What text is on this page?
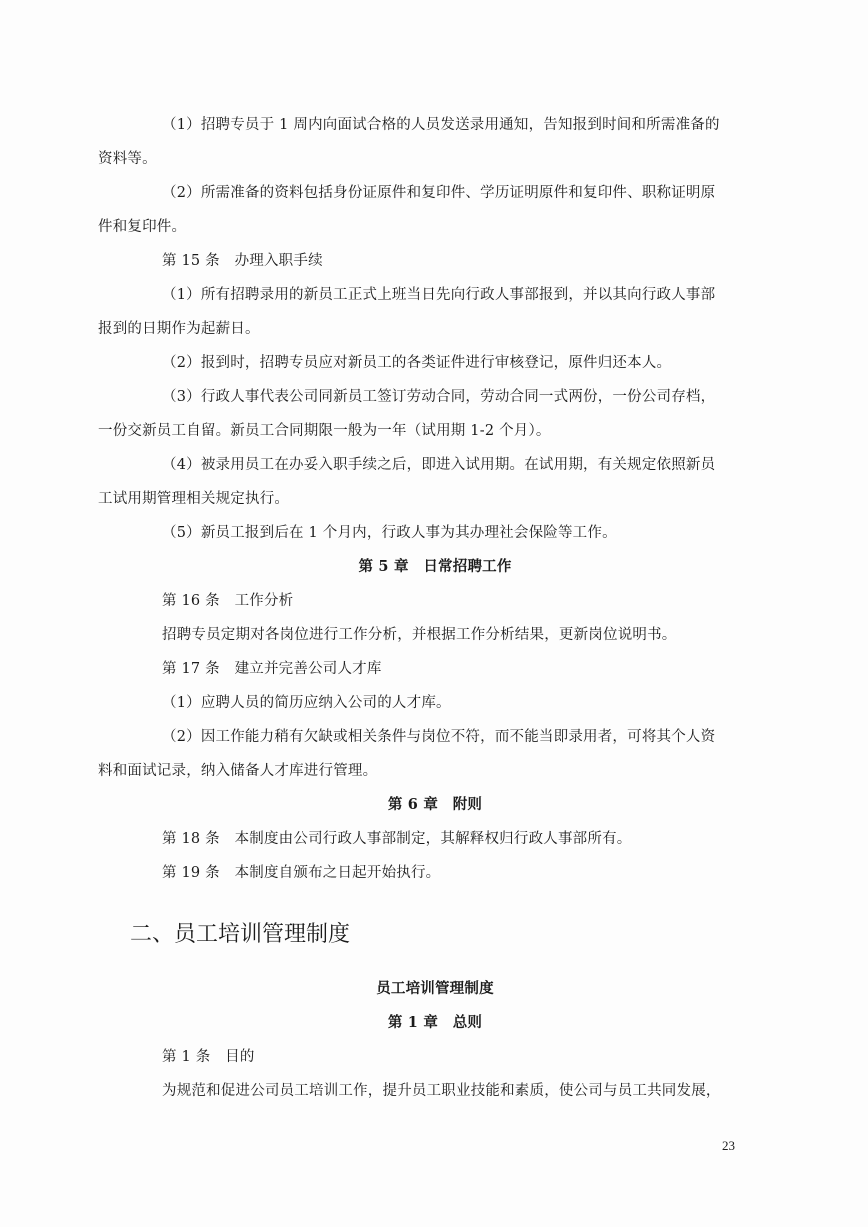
（1）招聘专员于 1 周内向面试合格的人员发送录用通知，告知报到时间和所需准备的
资料等。

（2）所需准备的资料包括身份证原件和复印件、学历证明原件和复印件、职称证明原
件和复印件。

第 15 条　办理入职手续

（1）所有招聘录用的新员工正式上班当日先向行政人事部报到，并以其向行政人事部
报到的日期作为起薪日。

（2）报到时，招聘专员应对新员工的各类证件进行审核登记，原件归还本人。

（3）行政人事代表公司同新员工签订劳动合同，劳动合同一式两份，一份公司存档，
一份交新员工自留。新员工合同期限一般为一年（试用期 1-2 个月）。

（4）被录用员工在办妥入职手续之后，即进入试用期。在试用期，有关规定依照新员
工试用期管理相关规定执行。

（5）新员工报到后在 1 个月内，行政人事为其办理社会保险等工作。

第 5 章　日常招聘工作

第 16 条　工作分析

招聘专员定期对各岗位进行工作分析，并根据工作分析结果，更新岗位说明书。

第 17 条　建立并完善公司人才库

（1）应聘人员的简历应纳入公司的人才库。

（2）因工作能力稍有欠缺或相关条件与岗位不符，而不能当即录用者，可将其个人资
料和面试记录，纳入储备人才库进行管理。

第 6 章　附则

第 18 条　本制度由公司行政人事部制定，其解释权归行政人事部所有。

第 19 条　本制度自颁布之日起开始执行。

二、员工培训管理制度

员工培训管理制度

第 1 章　总则

第 1 条　目的

为规范和促进公司员工培训工作，提升员工职业技能和素质，使公司与员工共同发展，

23
